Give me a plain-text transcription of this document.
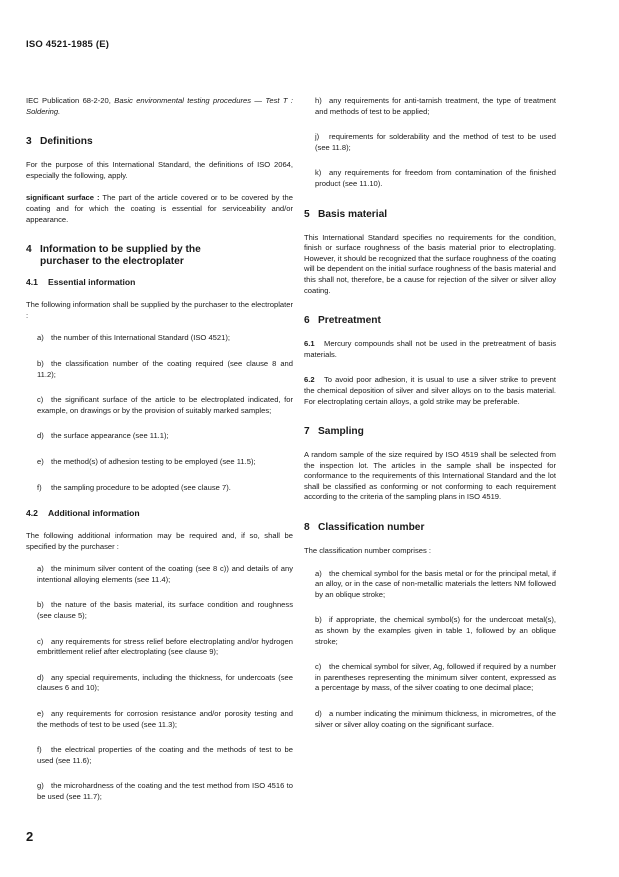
ISO 4521-1985 (E)

IEC Publication 68-2-20, Basic environmental testing procedures — Test T : Soldering.

3 Definitions

For the purpose of this International Standard, the definitions of ISO 2064, especially the following, apply.

significant surface : The part of the article covered or to be covered by the coating and for which the coating is essential for serviceability and/or appearance.

4 Information to be supplied by the purchaser to the electroplater
4.1 Essential information

The following information shall be supplied by the purchaser to the electroplater :

a) the number of this International Standard (ISO 4521);

b) the classification number of the coating required (see clause 8 and 11.2);

c) the significant surface of the article to be electroplated indicated, for example, on drawings or by the provision of suitably marked samples;

d) the surface appearance (see 11.1);

e) the method(s) of adhesion testing to be employed (see 11.5);

f) the sampling procedure to be adopted (see clause 7).

4.2 Additional information

The following additional information may be required and, if so, shall be specified by the purchaser :

a) the minimum silver content of the coating (see 8 c)) and details of any intentional alloying elements (see 11.4);

b) the nature of the basis material, its surface condition and roughness (see clause 5);

c) any requirements for stress relief before electroplating and/or hydrogen embrittlement relief after electroplating (see clause 9);

d) any special requirements, including the thickness, for undercoats (see clauses 6 and 10);

e) any requirements for corrosion resistance and/or porosity testing and the methods of test to be used (see 11.3);

f) the electrical properties of the coating and the methods of test to be used (see 11.6);

g) the microhardness of the coating and the test method from ISO 4516 to be used (see 11.7);

h) any requirements for anti-tarnish treatment, the type of treatment and methods of test to be applied;

j) requirements for solderability and the method of test to be used (see 11.8);

k) any requirements for freedom from contamination of the finished product (see 11.10).

5 Basis material

This International Standard specifies no requirements for the condition, finish or surface roughness of the basis material prior to electroplating. However, it should be recognized that the surface roughness of the coating will be dependent on the initial surface roughness of the basis material and this shall not, therefore, be a cause for rejection of the silver or silver alloy coating.

6 Pretreatment

6.1 Mercury compounds shall not be used in the pretreatment of basis materials.

6.2 To avoid poor adhesion, it is usual to use a silver strike to prevent the chemical deposition of silver and silver alloys on to the basis material. For electroplating certain alloys, a gold strike may be preferable.

7 Sampling

A random sample of the size required by ISO 4519 shall be selected from the inspection lot. The articles in the sample shall be inspected for conformance to the requirements of this International Standard and the lot shall be classified as conforming or not conforming to each requirement according to the criteria of the sampling plans in ISO 4519.

8 Classification number

The classification number comprises :

a) the chemical symbol for the basis metal or for the principal metal, if an alloy, or in the case of non-metallic materials the letters NM followed by an oblique stroke;

b) if appropriate, the chemical symbol(s) for the undercoat metal(s), as shown by the examples given in table 1, followed by an oblique stroke;

c) the chemical symbol for silver, Ag, followed if required by a number in parentheses representing the minimum silver content, expressed as a percentage by mass, of the silver coating to one decimal place;

d) a number indicating the minimum thickness, in micrometres, of the silver or silver alloy coating on the significant surface.

2
